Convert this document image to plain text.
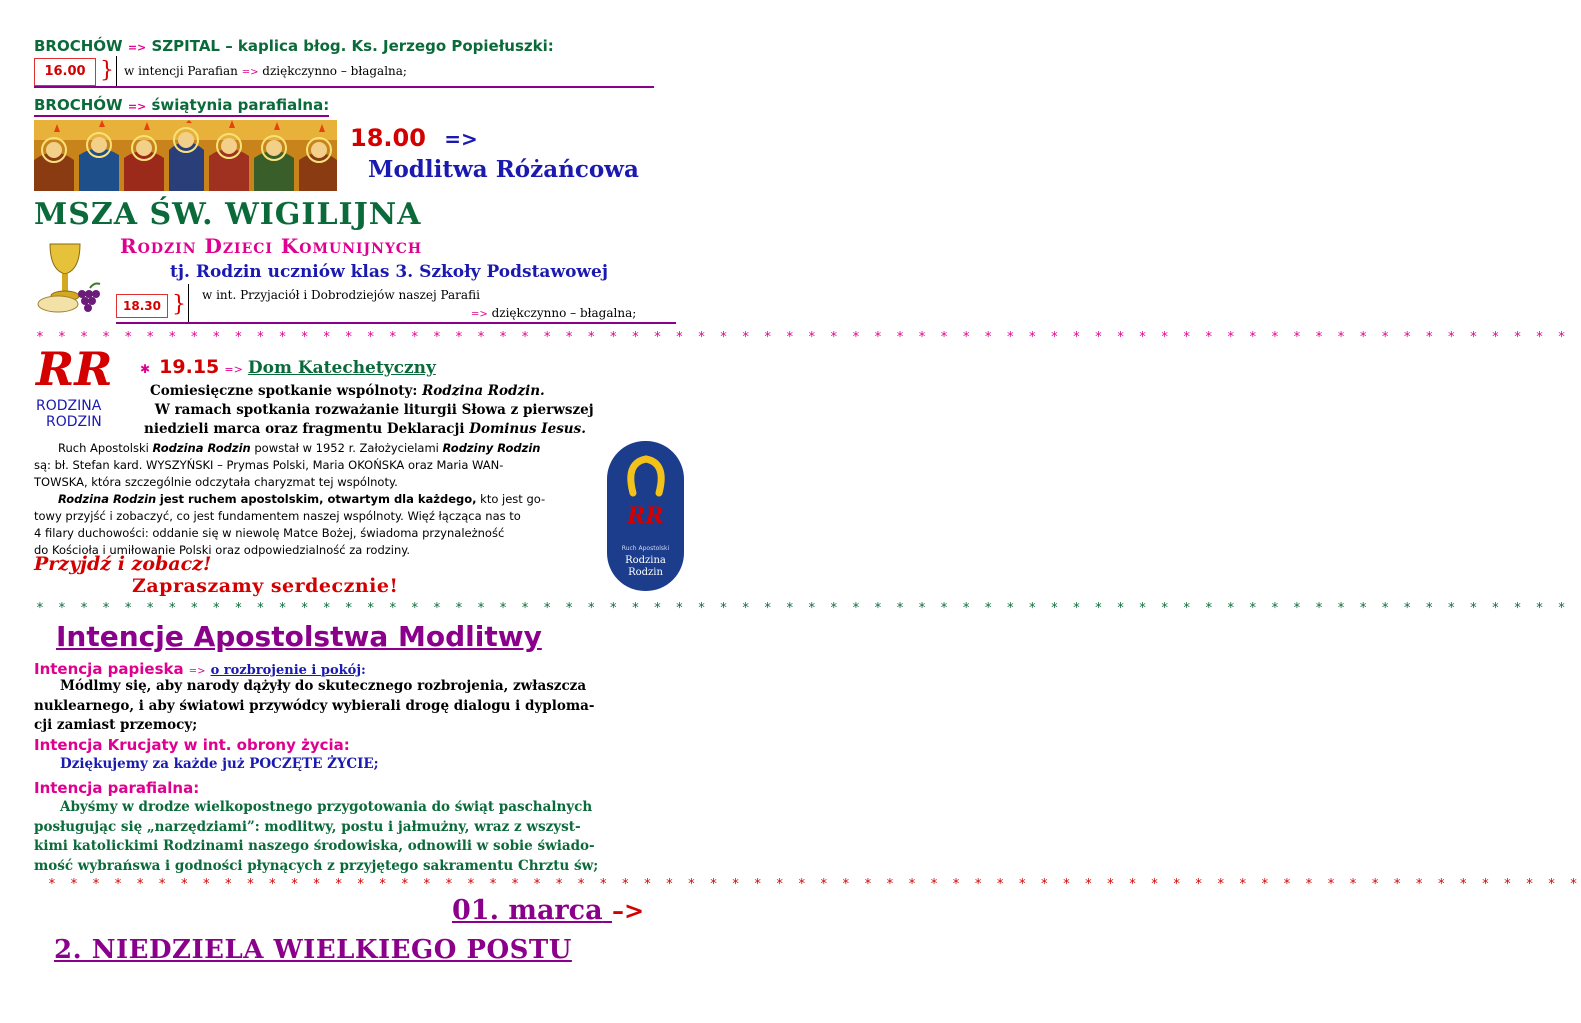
BROCHÓW => SZPITAL – kaplica błog. Ks. Jerzego Popiełuszki:
16.00 } w intencji Parafian => dziękczynno – błagalna;
BROCHÓW => świątynia parafialna:
18.00 =>
Modlitwa Różańcowa
MSZA ŚW. WIGILIJNA
Rodzin Dzieci Komunijnych
tj. Rodzin uczniów klas 3. Szkoły Podstawowej
18.30 } w int. Przyjaciół i Dobrodziejów naszej Parafii
=> dziękczynno – błagalna;
* * * * * * * * * * * * * * * * * * * * * * * * * * * * * * * * * * * * * * * * * * * * * * * * * * * * * * * * * * * * * * * * * * * * * *
RR
RODZINA
RODZIN
✱ 19.15 => Dom Katechetyczny

Comiesięczne spotkanie wspólnoty: Rodzina Rodzin.

W ramach spotkania rozważanie liturgii Słowa z pierwszej

niedzieli marca oraz fragmentu Deklaracji Dominus Iesus.

Ruch Apostolski Rodzina Rodzin powstał w 1952 r. Założycielami Rodziny Rodzin

są: bł. Stefan kard. WYSZYŃSKI – Prymas Polski, Maria OKOŃSKA oraz Maria WAN-

TOWSKA, która szczególnie odczytała charyzmat tej wspólnoty.

Rodzina Rodzin jest ruchem apostolskim, otwartym dla każdego, kto jest go-

towy przyjść i zobaczyć, co jest fundamentem naszej wspólnoty. Więź łącząca nas to

4 filary duchowości: oddanie się w niewolę Matce Bożej, świadoma przynależność

do Kościoła i umiłowanie Polski oraz odpowiedzialność za rodziny.

Przyjdź i zobacz!
Zapraszamy serdecznie!
RR
Ruch Apostolski
Rodzina
Rodzin
* * * * * * * * * * * * * * * * * * * * * * * * * * * * * * * * * * * * * * * * * * * * * * * * * * * * * * * * * * * * * * * * * * * * * *
Intencje Apostolstwa Modlitwy
Intencja papieska => o rozbrojenie i pokój:

Módlmy się, aby narody dążyły do skutecznego rozbrojenia, zwłaszcza

nuklearnego, i aby światowi przywódcy wybierali drogę dialogu i dyploma-

cji zamiast przemocy;

Intencja Krucjaty w int. obrony życia:
Dziękujemy za każde już POCZĘTE ŻYCIE;
Intencja parafialna:

Abyśmy w drodze wielkopostnego przygotowania do świąt paschalnych

posługując się „narzędziami”: modlitwy, postu i jałmużny, wraz z wszyst-

kimi katolickimi Rodzinami naszego środowiska, odnowili w sobie świado-

mość wybrańswa i godności płynących z przyjętego sakramentu Chrztu św;

* * * * * * * * * * * * * * * * * * * * * * * * * * * * * * * * * * * * * * * * * * * * * * * * * * * * * * * * * * * * * * * * * * * * * *
01. marca –>
2. NIEDZIELA WIELKIEGO POSTU
